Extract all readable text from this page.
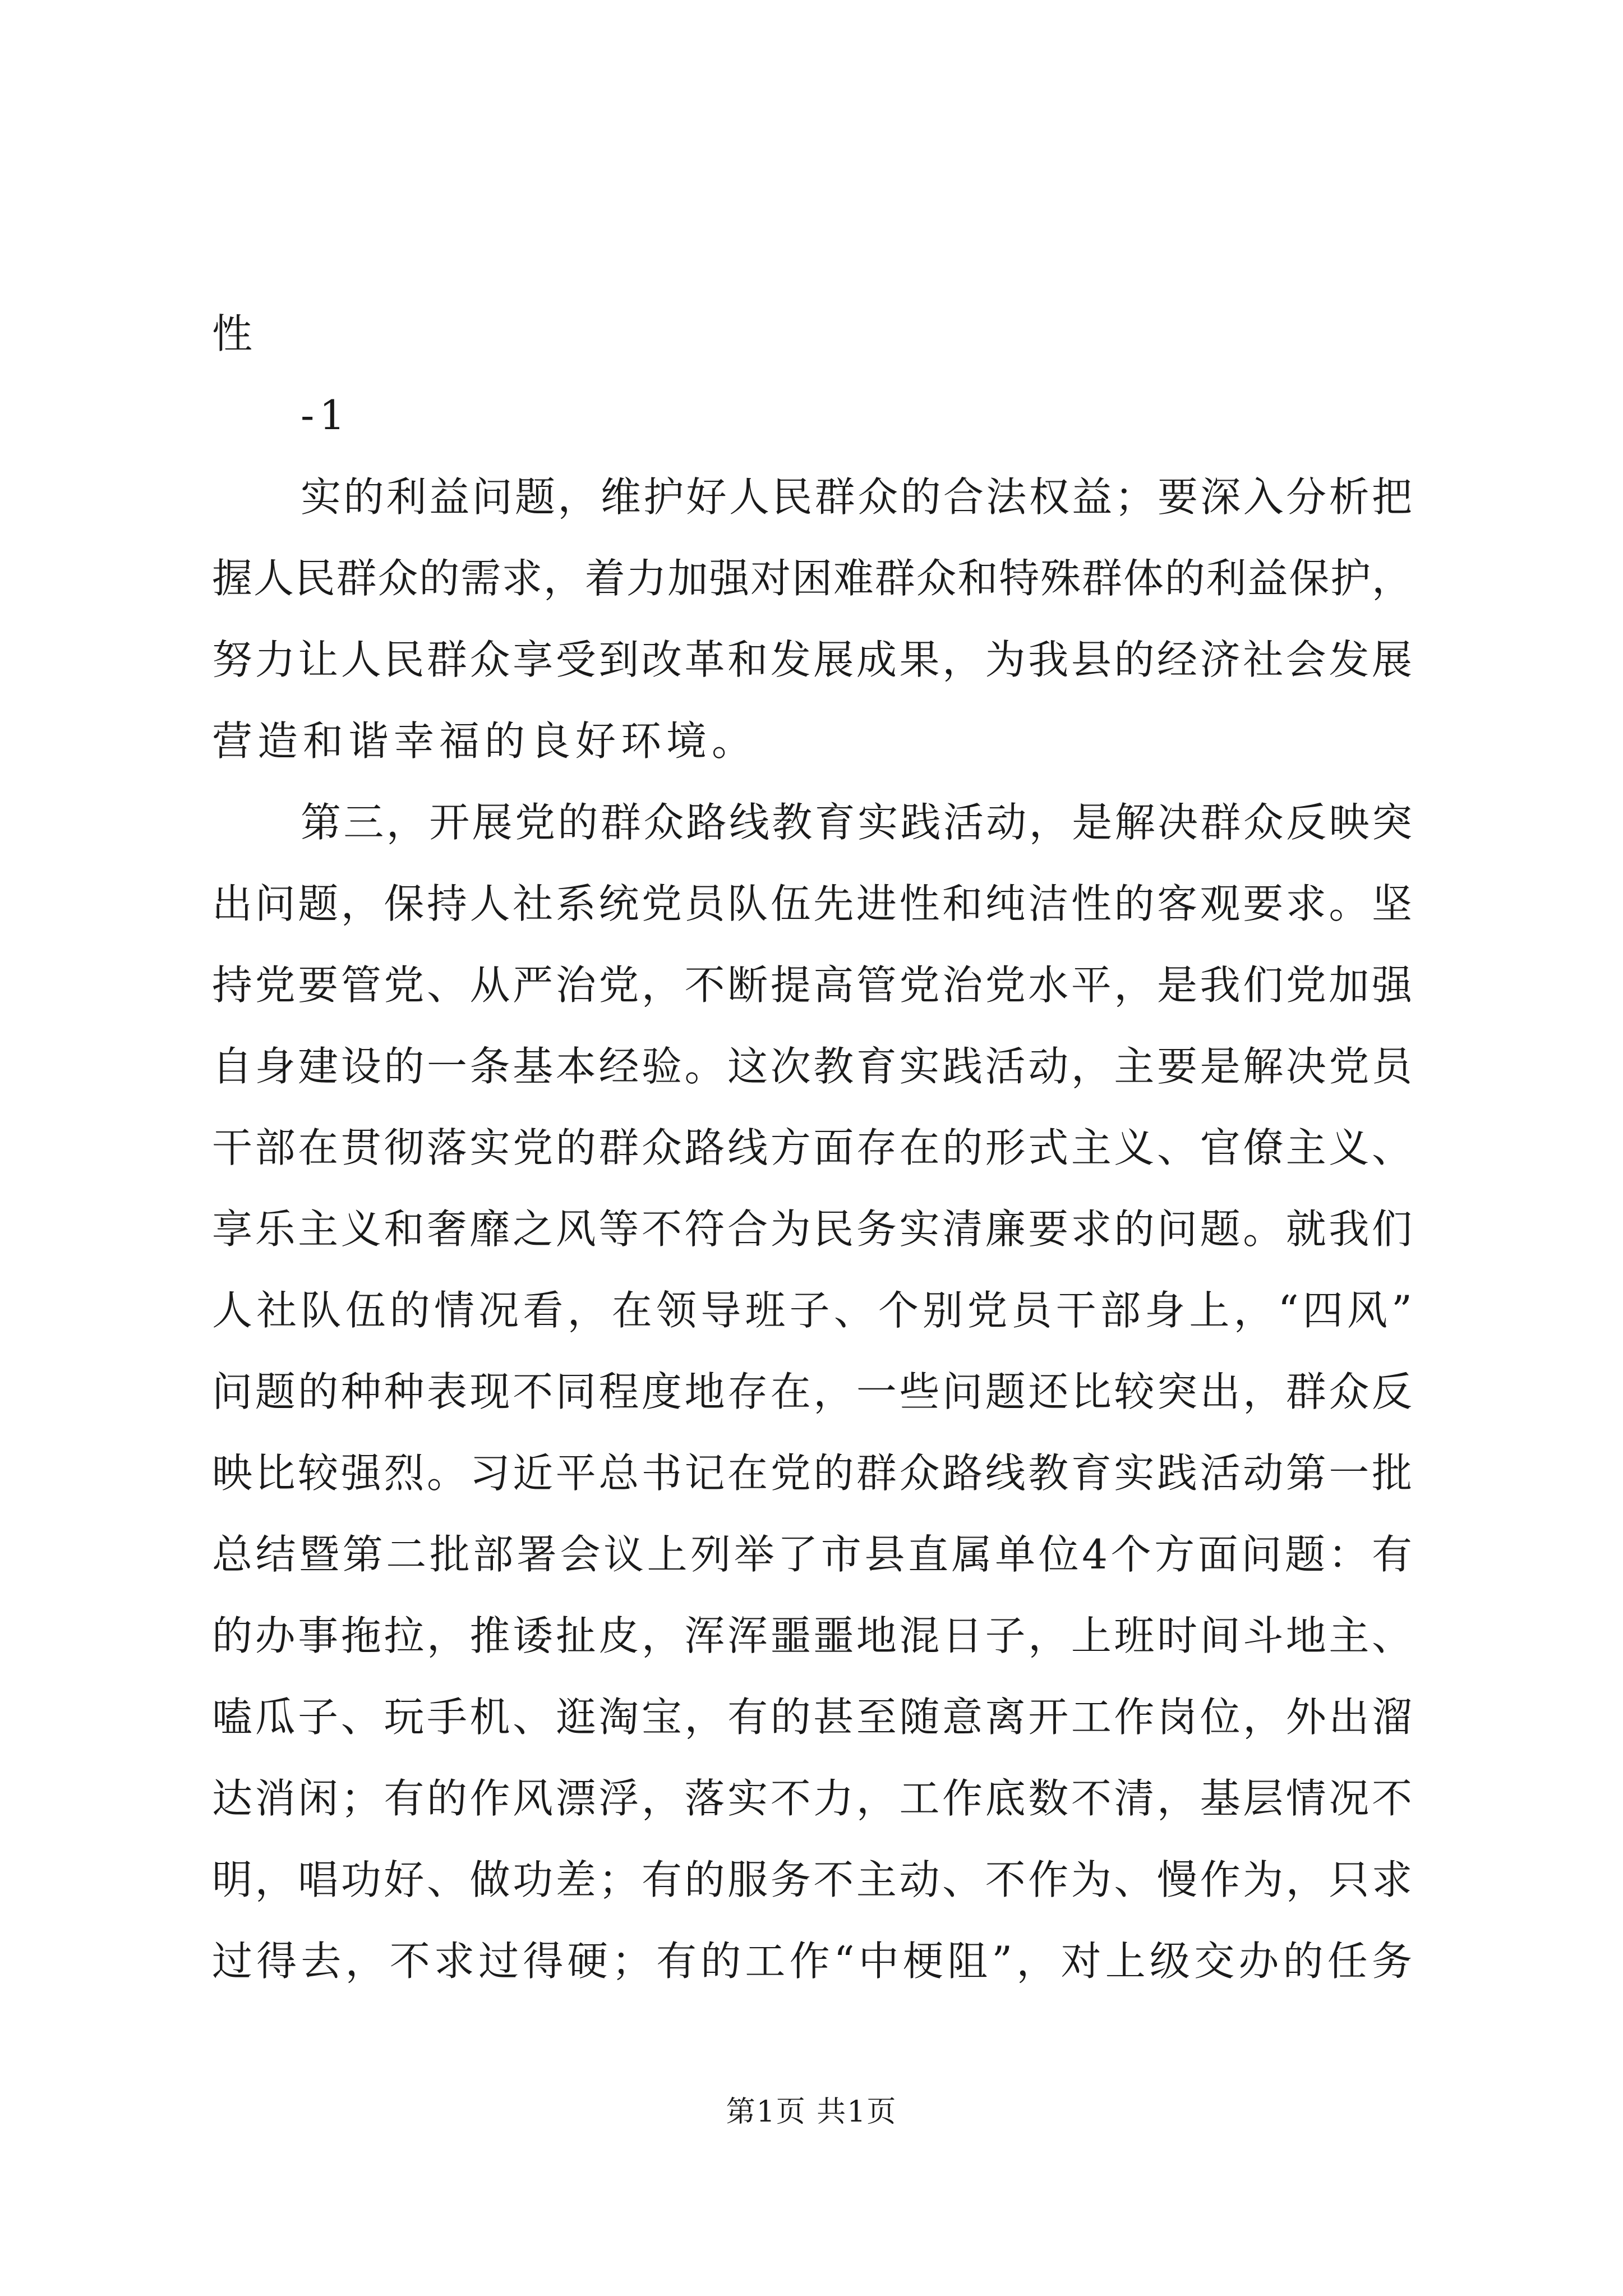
性
-1
实的利益问题，维护好人民群众的合法权益；要深入分析把
握人民群众的需求，着力加强对困难群众和特殊群体的利益保护，
努力让人民群众享受到改革和发展成果，为我县的经济社会发展
营造和谐幸福的良好环境。
第三，开展党的群众路线教育实践活动，是解决群众反映突
出问题，保持人社系统党员队伍先进性和纯洁性的客观要求。坚
持党要管党、从严治党，不断提高管党治党水平，是我们党加强
自身建设的一条基本经验。这次教育实践活动，主要是解决党员
干部在贯彻落实党的群众路线方面存在的形式主义、官僚主义、
享乐主义和奢靡之风等不符合为民务实清廉要求的问题。就我们
人社队伍的情况看，在领导班子、个别党员干部身上，“四风”
问题的种种表现不同程度地存在，一些问题还比较突出，群众反
映比较强烈。习近平总书记在党的群众路线教育实践活动第一批
总结暨第二批部署会议上列举了市县直属单位4个方面问题：有
的办事拖拉，推诿扯皮，浑浑噩噩地混日子，上班时间斗地主、
嗑瓜子、玩手机、逛淘宝，有的甚至随意离开工作岗位，外出溜
达消闲；有的作风漂浮，落实不力，工作底数不清，基层情况不
明，唱功好、做功差；有的服务不主动、不作为、慢作为，只求
过得去，不求过得硬；有的工作“中梗阻”，对上级交办的任务
第1页 共1页
